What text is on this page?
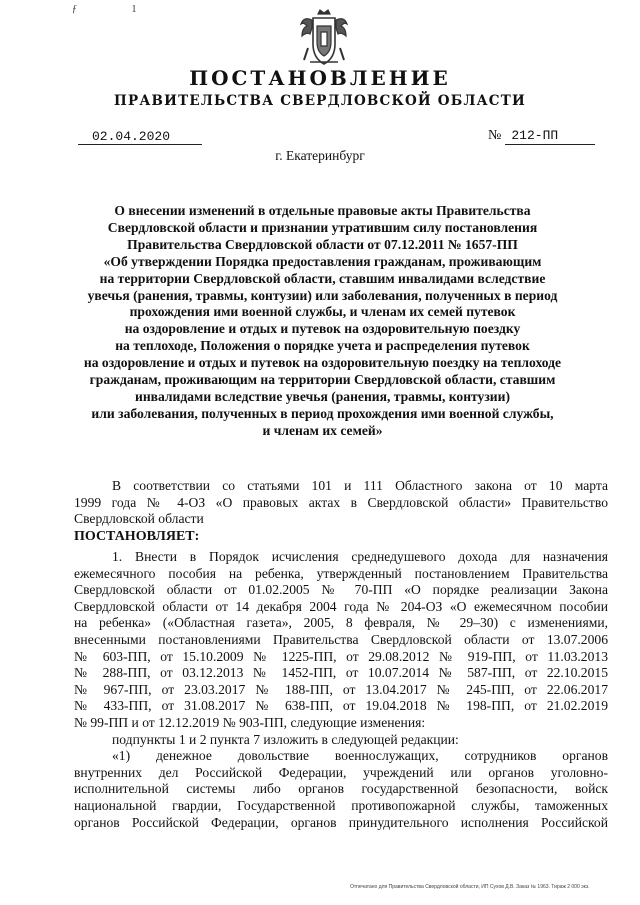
ƒ	1
ПОСТАНОВЛЕНИЕ
ПРАВИТЕЛЬСТВА СВЕРДЛОВСКОЙ ОБЛАСТИ
02.04.2020	№ 212-ПП
г. Екатеринбург
О внесении изменений в отдельные правовые акты Правительства
Свердловской области и признании утратившим силу постановления
Правительства Свердловской области от 07.12.2011 № 1657-ПП
«Об утверждении Порядка предоставления гражданам, проживающим
на территории Свердловской области, ставшим инвалидами вследствие
увечья (ранения, травмы, контузии) или заболевания, полученных в период
прохождения ими военной службы, и членам их семей путевок
на оздоровление и отдых и путевок на оздоровительную поездку
на теплоходе, Положения о порядке учета и распределения путевок
на оздоровление и отдых и путевок на оздоровительную поездку на теплоходе
гражданам, проживающим на территории Свердловской области, ставшим
инвалидами вследствие увечья (ранения, травмы, контузии)
или заболевания, полученных в период прохождения ими военной службы,
и членам их семей»
В соответствии со статьями 101 и 111 Областного закона от 10 марта
1999 года № 4-ОЗ «О правовых актах в Свердловской области» Правительство
Свердловской области
ПОСТАНОВЛЯЕТ:
1. Внести в Порядок исчисления среднедушевого дохода для назначения
ежемесячного пособия на ребенка, утвержденный постановлением Правительства
Свердловской области от 01.02.2005 № 70-ПП «О порядке реализации Закона
Свердловской области от 14 декабря 2004 года № 204-ОЗ «О ежемесячном пособии
на ребенка» («Областная газета», 2005, 8 февраля, № 29–30) с изменениями,
внесенными постановлениями Правительства Свердловской области от 13.07.2006
№ 603-ПП, от 15.10.2009 № 1225-ПП, от 29.08.2012 № 919-ПП, от 11.03.2013
№ 288-ПП, от 03.12.2013 № 1452-ПП, от 10.07.2014 № 587-ПП, от 22.10.2015
№ 967-ПП, от 23.03.2017 № 188-ПП, от 13.04.2017 № 245-ПП, от 22.06.2017
№ 433-ПП, от 31.08.2017 № 638-ПП, от 19.04.2018 № 198-ПП, от 21.02.2019
№ 99-ПП и от 12.12.2019 № 903-ПП, следующие изменения:
подпункты 1 и 2 пункта 7 изложить в следующей редакции:
«1) денежное довольствие военнослужащих, сотрудников органов
внутренних дел Российской Федерации, учреждений или органов уголовно-
исполнительной системы либо органов государственной безопасности, войск
национальной гвардии, Государственной противопожарной службы, таможенных
органов Российской Федерации, органов принудительного исполнения Российской
Отпечатано для Правительства Свердловской области, ИП Сухов Д.В. Заказ № 1963. Тираж 2 000 экз.
